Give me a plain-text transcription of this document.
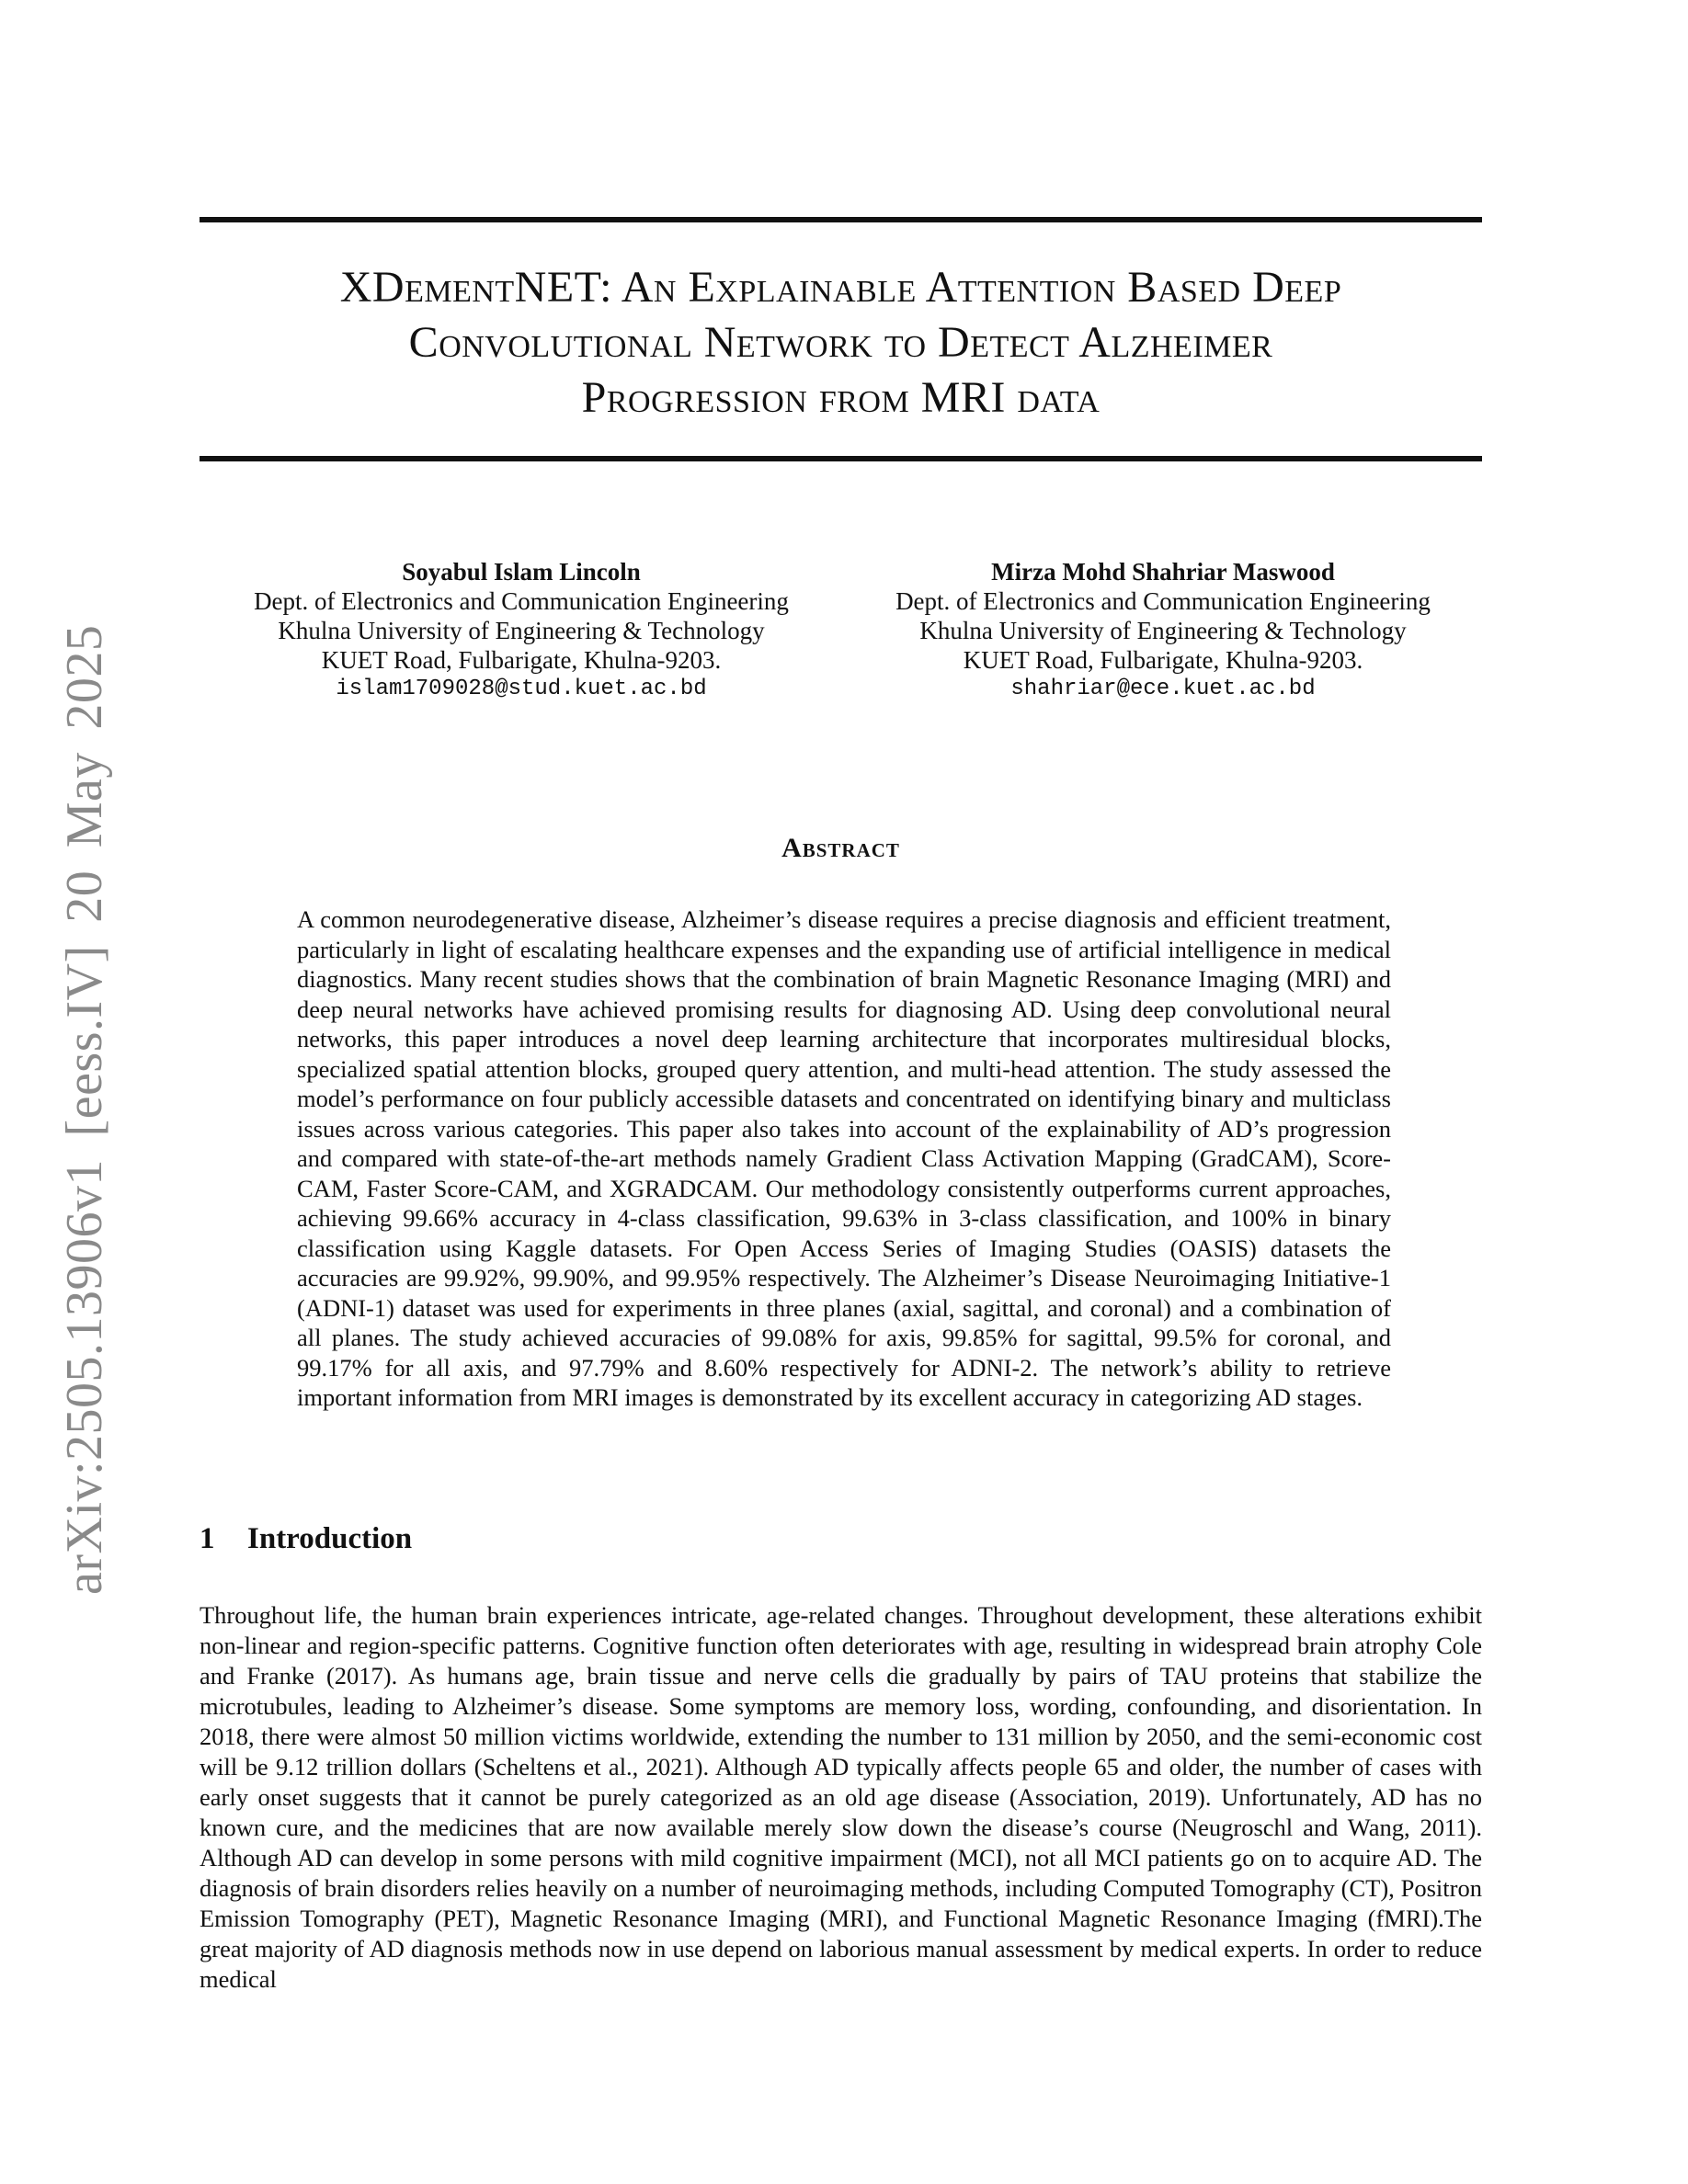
arXiv:2505.13906v1 [eess.IV] 20 May 2025
XDementNET: An Explainable Attention Based Deep
Convolutional Network to Detect Alzheimer
Progression from MRI data
Soyabul Islam Lincoln
Dept. of Electronics and Communication Engineering
Khulna University of Engineering & Technology
KUET Road, Fulbarigate, Khulna-9203.
islam1709028@stud.kuet.ac.bd
Mirza Mohd Shahriar Maswood
Dept. of Electronics and Communication Engineering
Khulna University of Engineering & Technology
KUET Road, Fulbarigate, Khulna-9203.
shahriar@ece.kuet.ac.bd
Abstract

A common neurodegenerative disease, Alzheimer’s disease requires a precise diagnosis and efficient treatment, particularly in light of escalating healthcare expenses and the expanding use of artificial intelligence in medical diagnostics. Many recent studies shows that the combination of brain Magnetic Resonance Imaging (MRI) and deep neural networks have achieved promising results for diagnosing AD. Using deep convolutional neural networks, this paper introduces a novel deep learning architecture that incorporates multiresidual blocks, specialized spatial attention blocks, grouped query attention, and multi-head attention. The study assessed the model’s performance on four publicly accessible datasets and concentrated on identifying binary and multiclass issues across various categories. This paper also takes into account of the explainability of AD’s progression and compared with state-of-the-art methods namely Gradient Class Activation Mapping (GradCAM), Score-CAM, Faster Score-CAM, and XGRADCAM. Our methodology consistently outperforms current approaches, achieving 99.66% accuracy in 4-class classification, 99.63% in 3-class classification, and 100% in binary classification using Kaggle datasets. For Open Access Series of Imaging Studies (OASIS) datasets the accuracies are 99.92%, 99.90%, and 99.95% respectively. The Alzheimer’s Disease Neuroimaging Initiative-1 (ADNI-1) dataset was used for experiments in three planes (axial, sagittal, and coronal) and a combination of all planes. The study achieved accuracies of 99.08% for axis, 99.85% for sagittal, 99.5% for coronal, and 99.17% for all axis, and 97.79% and 8.60% respectively for ADNI-2. The network’s ability to retrieve important information from MRI images is demonstrated by its excellent accuracy in categorizing AD stages.

1 Introduction

Throughout life, the human brain experiences intricate, age-related changes. Throughout development, these alterations exhibit non-linear and region-specific patterns. Cognitive function often deteriorates with age, resulting in widespread brain atrophy Cole and Franke (2017). As humans age, brain tissue and nerve cells die gradually by pairs of TAU proteins that stabilize the microtubules, leading to Alzheimer’s disease. Some symptoms are memory loss, wording, confounding, and disorientation. In 2018, there were almost 50 million victims worldwide, extending the number to 131 million by 2050, and the semi-economic cost will be 9.12 trillion dollars (Scheltens et al., 2021). Although AD typically affects people 65 and older, the number of cases with early onset suggests that it cannot be purely categorized as an old age disease (Association, 2019). Unfortunately, AD has no known cure, and the medicines that are now available merely slow down the disease’s course (Neugroschl and Wang, 2011). Although AD can develop in some persons with mild cognitive impairment (MCI), not all MCI patients go on to acquire AD. The diagnosis of brain disorders relies heavily on a number of neuroimaging methods, including Computed Tomography (CT), Positron Emission Tomography (PET), Magnetic Resonance Imaging (MRI), and Functional Magnetic Resonance Imaging (fMRI).The great majority of AD diagnosis methods now in use depend on laborious manual assessment by medical experts. In order to reduce medical
